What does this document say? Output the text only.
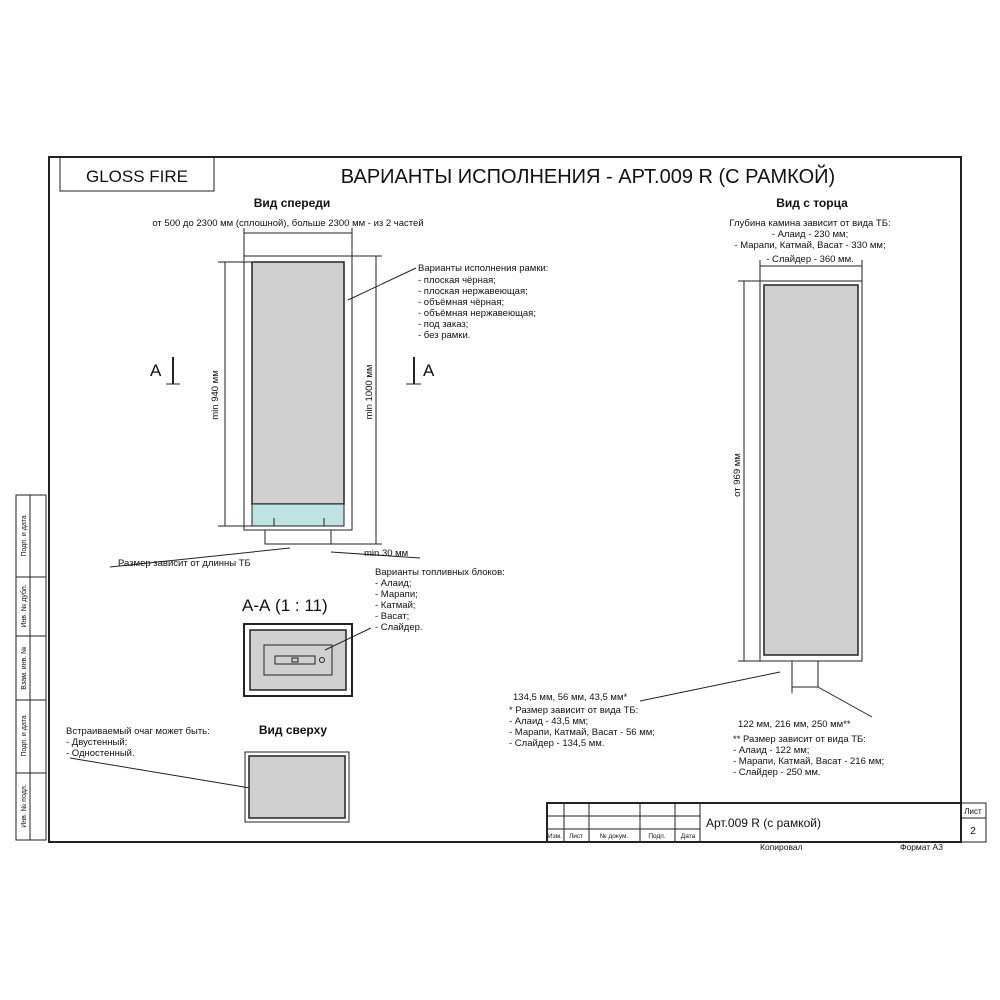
GLOSS FIRE	ВАРИАНТЫ ИСПОЛНЕНИЯ - АРТ.009 R (С РАМКОЙ)
Подп. и дата
Инв. № дубл.
Взам. инв. №
Подп. и дата
Инв. № подл.
Вид спереди
от 500 до 2300 мм (сплошной), больше 2300 мм - из 2 частей
min 940 мм	min 1000 мм
A	A
min 30 мм
Размер зависит от длинны ТБ
Варианты исполнения рамки:
- плоская чёрная;
- плоская нержавеющая;
- объёмная чёрная;
- объёмная нержавеющая;
- под заказ;
- без рамки.
А-А (1 : 11)
Варианты топливных блоков:
- Алаид;
- Марапи;
- Катмай;
- Васат;
- Слайдер.
Вид сверху
Встраиваемый очаг может быть:
- Двустенный;
- Одностенный.
Вид с торца
Глубина камина зависит от вида ТБ:
- Алаид - 230 мм;
- Марапи, Катмай, Васат - 330 мм;
- Слайдер - 360 мм.
от 969 мм
134,5 мм, 56 мм, 43,5 мм*
* Размер зависит от вида ТБ:
- Алаид - 43,5 мм;
- Марапи, Катмай, Васат - 56 мм;
- Слайдер - 134,5 мм.
122 мм, 216 мм, 250 мм**
** Размер зависит от вида ТБ:
- Алаид - 122 мм;
- Марапи, Катмай, Васат - 216 мм;
- Слайдер - 250 мм.
Изм. Лист	№ докум.	Подп. Дата
Арт.009 R (с рамкой)
Лист
2
Копировал	Формат А3
